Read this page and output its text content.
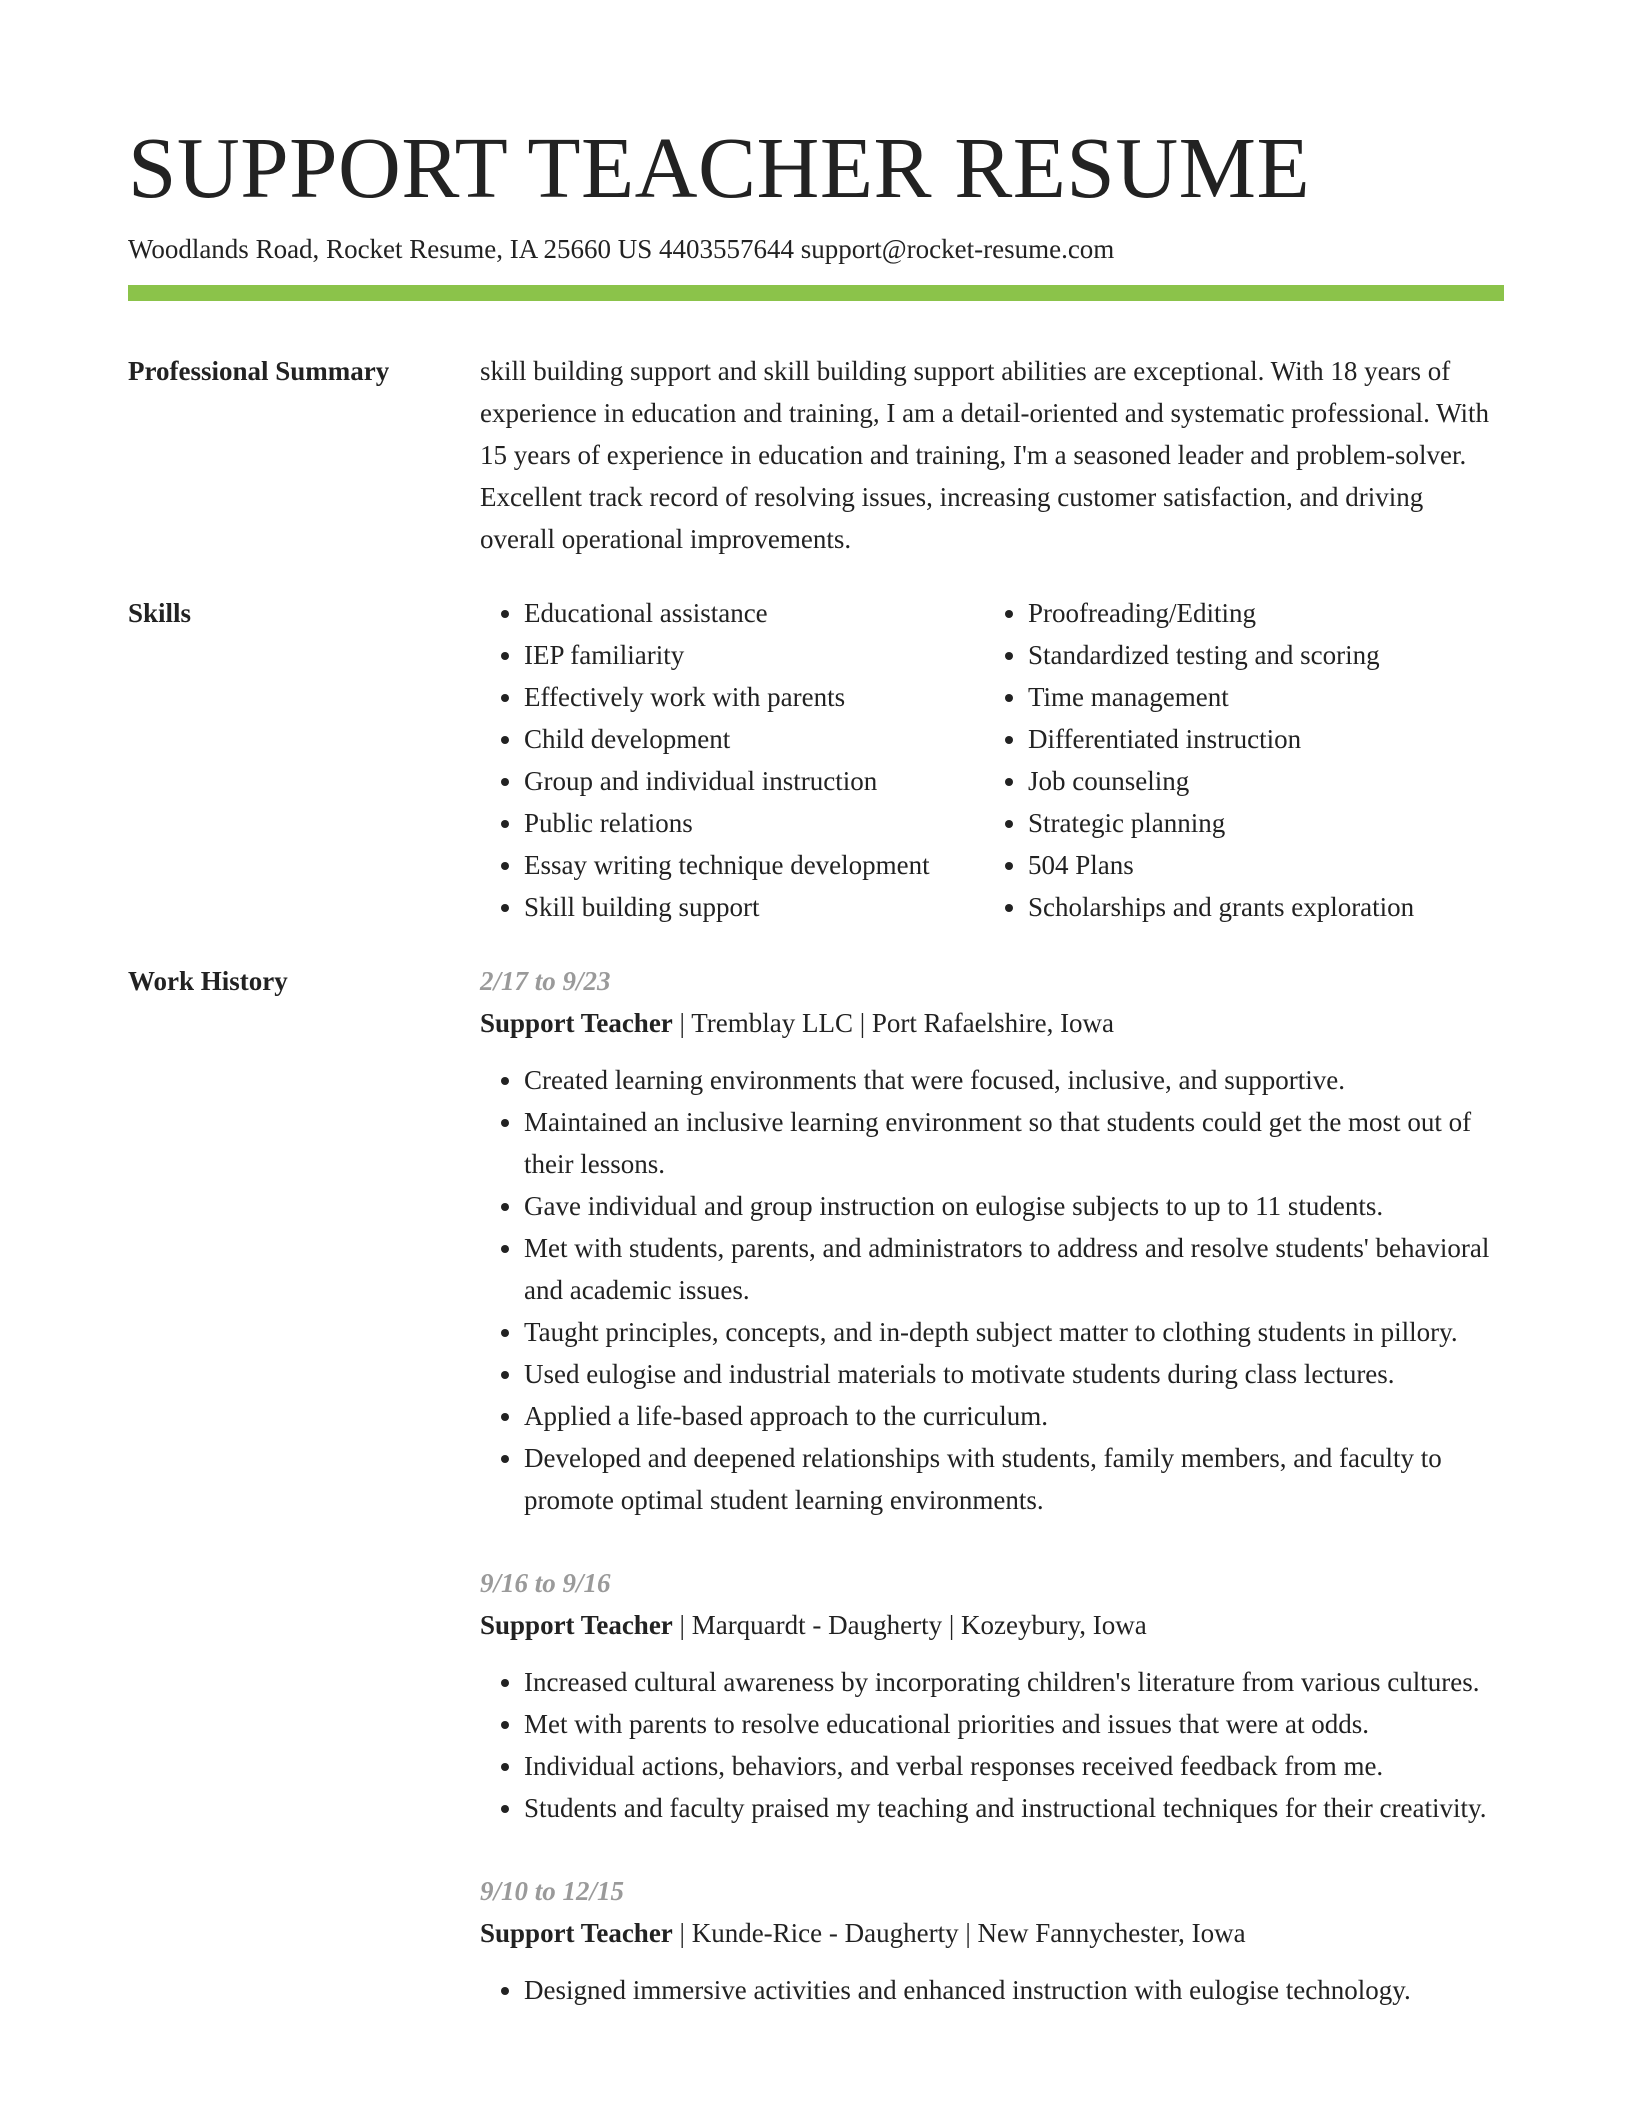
SUPPORT TEACHER RESUME
Woodlands Road, Rocket Resume, IA 25660 US 4403557644 support@rocket-resume.com
Professional Summary	skill building support and skill building support abilities are exceptional. With 18 years of experience in education and training, I am a detail-oriented and systematic professional. With 15 years of experience in education and training, I'm a seasoned leader and problem-solver. Excellent track record of resolving issues, increasing customer satisfaction, and driving overall operational improvements.

Skills
•	Educational assistance
• IEP familiarity
• Effectively work with parents
• Child development
• Group and individual instruction
• Public relations
• Essay writing technique development
• Skill building support
• Proofreading/Editing
• Standardized testing and scoring
• Time management
• Differentiated instruction
• Job counseling
• Strategic planning
• 504 Plans
• Scholarships and grants exploration
Work History	2/17 to 9/23
Support Teacher | Tremblay LLC | Port Rafaelshire, Iowa
• Created learning environments that were focused, inclusive, and supportive.
• Maintained an inclusive learning environment so that students could get the most out of their lessons.
• Gave individual and group instruction on eulogise subjects to up to 11 students.
• Met with students, parents, and administrators to address and resolve students' behavioral and academic issues.
• Taught principles, concepts, and in-depth subject matter to clothing students in pillory.
• Used eulogise and industrial materials to motivate students during class lectures.
• Applied a life-based approach to the curriculum.
• Developed and deepened relationships with students, family members, and faculty to promote optimal student learning environments.
9/16 to 9/16
Support Teacher | Marquardt - Daugherty | Kozeybury, Iowa
• Increased cultural awareness by incorporating children's literature from various cultures.
• Met with parents to resolve educational priorities and issues that were at odds.
• Individual actions, behaviors, and verbal responses received feedback from me.
• Students and faculty praised my teaching and instructional techniques for their creativity.
9/10 to 12/15
Support Teacher | Kunde-Rice - Daugherty | New Fannychester, Iowa
• Designed immersive activities and enhanced instruction with eulogise technology.
